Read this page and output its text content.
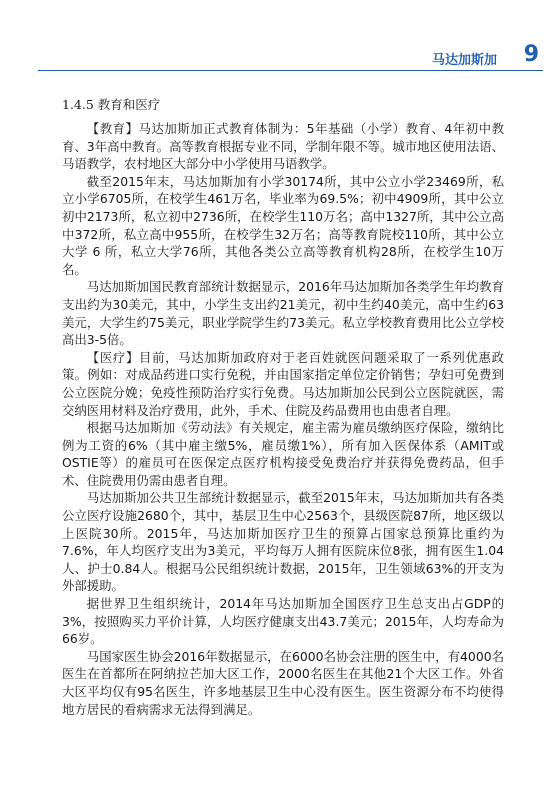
马达加斯加 9
1.4.5 教育和医疗

【教育】马达加斯加正式教育体制为：5年基础（小学）教育、4年初中教育、3年高中教育。高等教育根据专业不同，学制年限不等。城市地区使用法语、马语教学，农村地区大部分中小学使用马语教学。

截至2015年末，马达加斯加有小学30174所，其中公立小学23469所，私立小学6705所，在校学生461万名，毕业率为69.5%；初中4909所，其中公立初中2173所，私立初中2736所，在校学生110万名；高中1327所，其中公立高中372所，私立高中955所，在校学生32万名；高等教育院校110所，其中公立大学 6 所，私立大学76所，其他各类公立高等教育机构28所，在校学生10万名。

马达加斯加国民教育部统计数据显示，2016年马达加斯加各类学生年均教育支出约为30美元，其中，小学生支出约21美元，初中生约40美元，高中生约63美元，大学生约75美元，职业学院学生约73美元。私立学校教育费用比公立学校高出3-5倍。

【医疗】目前，马达加斯加政府对于老百姓就医问题采取了一系列优惠政策。例如：对成品药进口实行免税，并由国家指定单位定价销售；孕妇可免费到公立医院分娩；免疫性预防治疗实行免费。马达加斯加公民到公立医院就医，需交纳医用材料及治疗费用，此外，手术、住院及药品费用也由患者自理。

根据马达加斯加《劳动法》有关规定，雇主需为雇员缴纳医疗保险，缴纳比例为工资的6%（其中雇主缴5%，雇员缴1%），所有加入医保体系（AMIT或OSTIE等）的雇员可在医保定点医疗机构接受免费治疗并获得免费药品，但手术、住院费用仍需由患者自理。

马达加斯加公共卫生部统计数据显示，截至2015年末，马达加斯加共有各类公立医疗设施2680个，其中，基层卫生中心2563个，县级医院87所，地区级以上医院30所。2015年，马达加斯加医疗卫生的预算占国家总预算比重约为7.6%，年人均医疗支出为3美元，平均每万人拥有医院床位8张，拥有医生1.04人、护士0.84人。根据马公民组织统计数据，2015年，卫生领域63%的开支为外部援助。

据世界卫生组织统计，2014年马达加斯加全国医疗卫生总支出占GDP的3%，按照购买力平价计算，人均医疗健康支出43.7美元；2015年，人均寿命为66岁。

马国家医生协会2016年数据显示，在6000名协会注册的医生中，有4000名医生在首都所在阿纳拉芒加大区工作，2000名医生在其他21个大区工作。外省大区平均仅有95名医生，许多地基层卫生中心没有医生。医生资源分布不均使得地方居民的看病需求无法得到满足。
